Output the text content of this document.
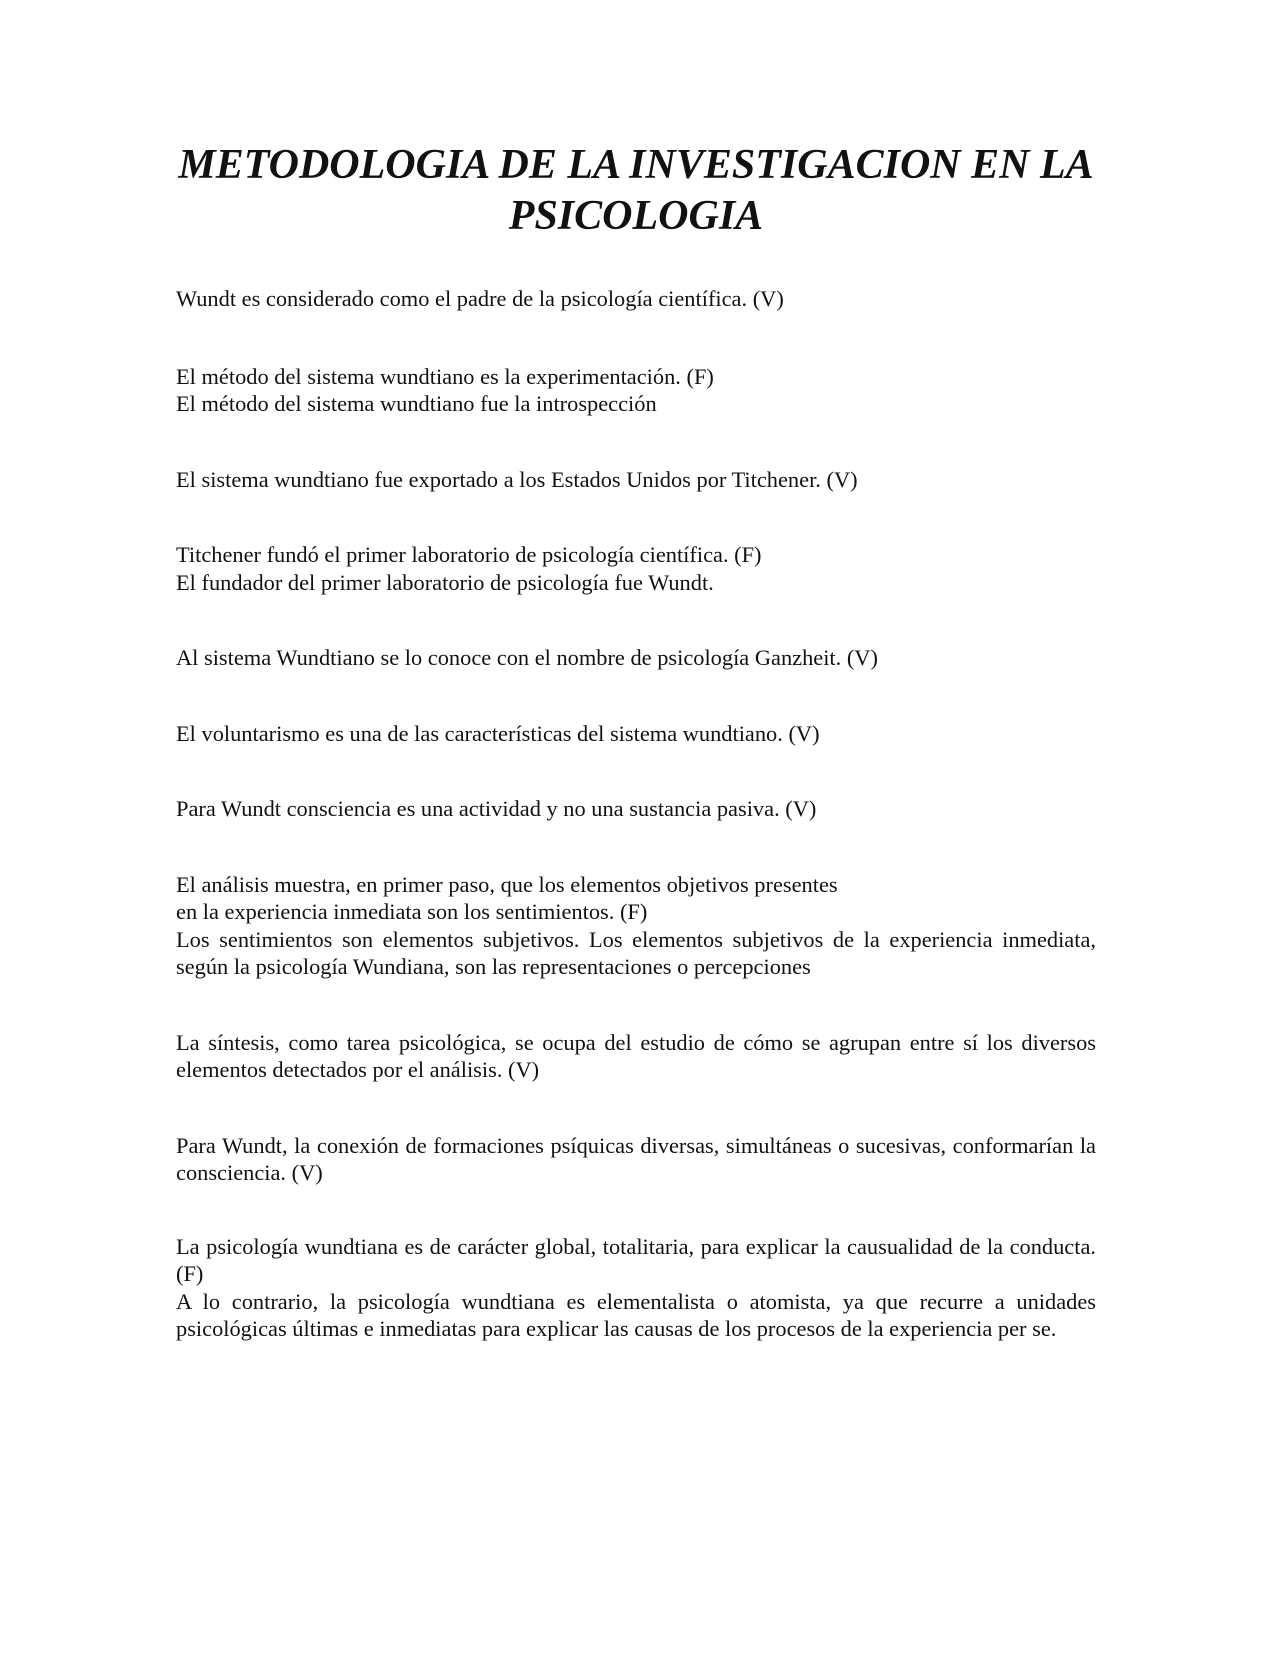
METODOLOGIA DE LA INVESTIGACION EN LA
PSICOLOGIA

Wundt es considerado como el padre de la psicología científica. (V)

El método del sistema wundtiano es la experimentación. (F)

El método del sistema wundtiano fue la introspección

El sistema wundtiano fue exportado a los Estados Unidos por Titchener. (V)

Titchener fundó el primer laboratorio de psicología científica. (F)

El fundador del primer laboratorio de psicología fue Wundt.

Al sistema Wundtiano se lo conoce con el nombre de psicología Ganzheit. (V)

El voluntarismo es una de las características del sistema wundtiano. (V)

Para Wundt consciencia es una actividad y no una sustancia pasiva. (V)

El análisis muestra, en primer paso, que los elementos objetivos presentes

en la experiencia inmediata son los sentimientos. (F)

Los sentimientos son elementos subjetivos. Los elementos subjetivos de la experiencia inmediata, según la psicología Wundiana, son las representaciones o percepciones

La síntesis, como tarea psicológica, se ocupa del estudio de cómo se agrupan entre sí los diversos elementos detectados por el análisis. (V)

Para Wundt, la conexión de formaciones psíquicas diversas, simultáneas o sucesivas, conformarían la consciencia. (V)

La psicología wundtiana es de carácter global, totalitaria, para explicar la causualidad de la conducta. (F)

A lo contrario, la psicología wundtiana es elementalista o atomista, ya que recurre a unidades psicológicas últimas e inmediatas para explicar las causas de los procesos de la experiencia per se.
